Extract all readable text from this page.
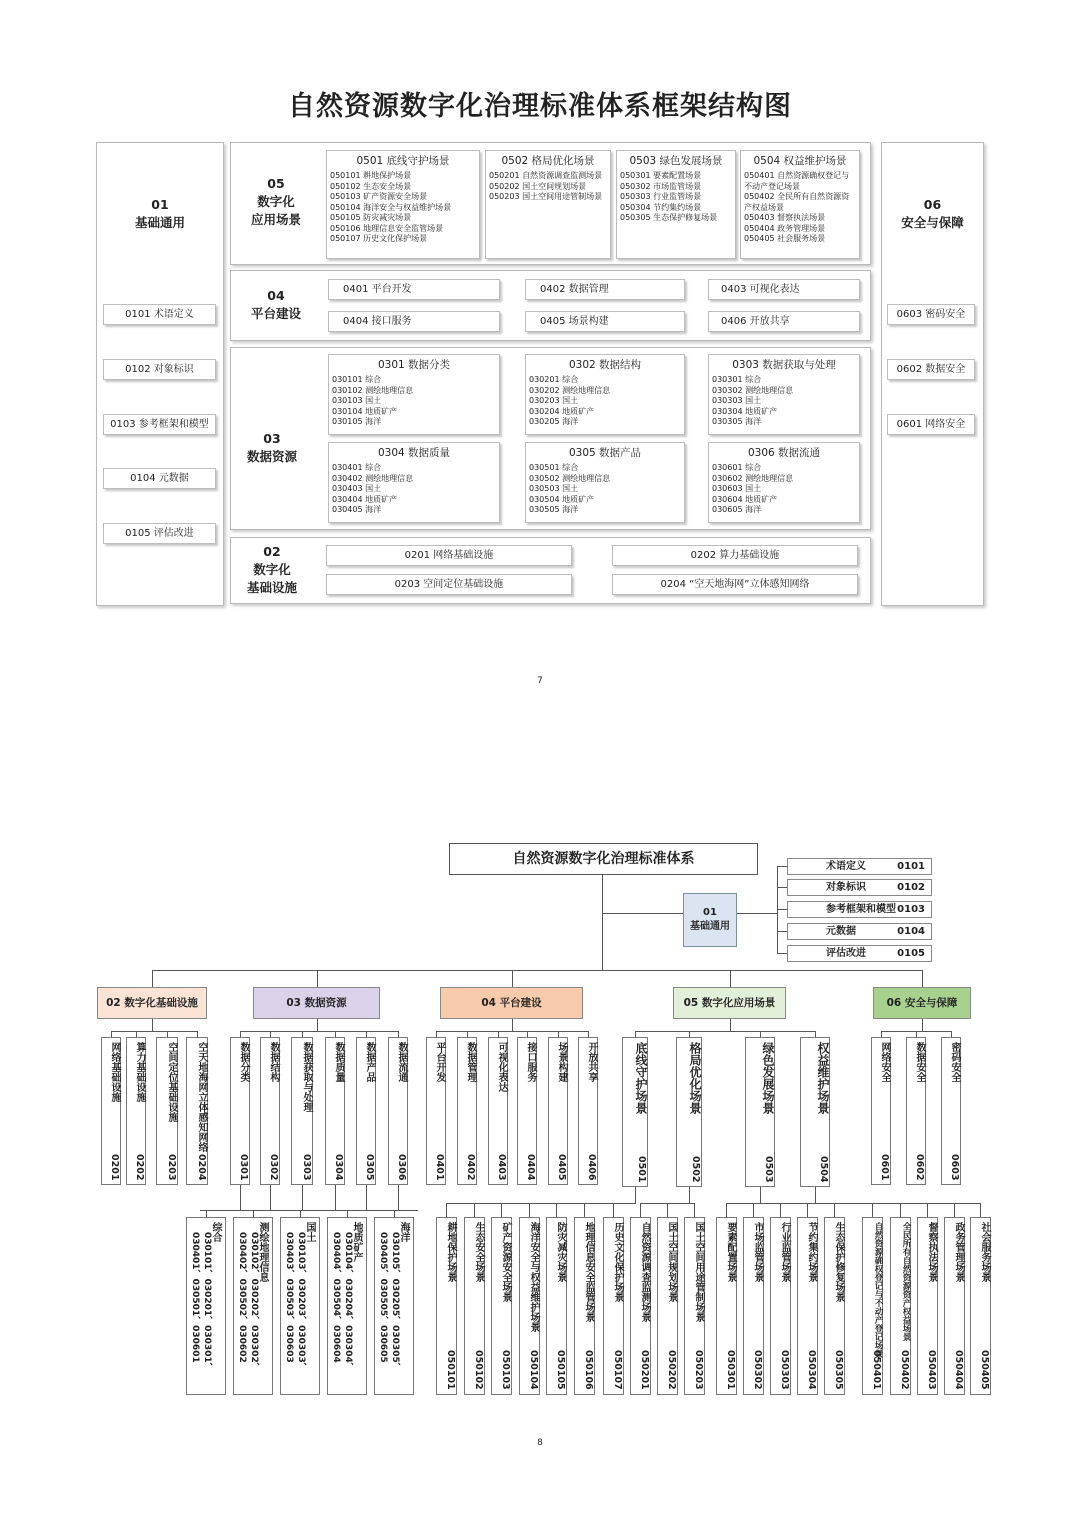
自然资源数字化治理标准体系框架结构图
01
基础通用
0101 术语定义
0102 对象标识
0103 参考框架和模型
0104 元数据
0105 评估改进
06
安全与保障
0603 密码安全
0602 数据安全
0601 网络安全
05
数字化
应用场景
0501 底线守护场景
050101 耕地保护场景
050102 生态安全场景
050103 矿产资源安全场景
050104 海洋安全与权益维护场景
050105 防灾减灾场景
050106 地理信息安全监管场景
050107 历史文化保护场景
0502 格局优化场景
050201 自然资源调查监测场景
050202 国土空间规划场景
050203 国土空间用途管制场景
0503 绿色发展场景
050301 要素配置场景
050302 市场监管场景
050303 行业监管场景
050304 节约集约场景
050305 生态保护修复场景
0504 权益维护场景
050401 自然资源确权登记与
不动产登记场景
050402 全民所有自然资源资
产权益场景
050403 督察执法场景
050404 政务管理场景
050405 社会服务场景
04
平台建设
0401 平台开发	0402 数据管理	0403 可视化表达
0404 接口服务	0405 场景构建	0406 开放共享
03
数据资源
0301 数据分类
030101 综合
030102 测绘地理信息
030103 国土
030104 地质矿产
030105 海洋
0302 数据结构
030201 综合
030202 测绘地理信息
030203 国土
030204 地质矿产
030205 海洋
0303 数据获取与处理
030301 综合
030302 测绘地理信息
030303 国土
030304 地质矿产
030305 海洋
0304 数据质量
030401 综合
030402 测绘地理信息
030403 国土
030404 地质矿产
030405 海洋
0305 数据产品
030501 综合
030502 测绘地理信息
030503 国土
030504 地质矿产
030505 海洋
0306 数据流通
030601 综合
030602 测绘地理信息
030603 国土
030604 地质矿产
030605 海洋
02
数字化
基础设施
0201 网络基础设施	0202 算力基础设施
0203 空间定位基础设施	0204 “空天地海网”立体感知网络
7
自然资源数字化治理标准体系
01
基础通用
术语定义	0101
对象标识	0102
参考框架和模型 0103
元数据	0104
评估改进	0105
02 数字化基础设施	03 数据资源	04 平台建设	05 数字化应用场景	06 安全与保障
网络基础设施
0201
算力基础设施
0202
空间定位基础设施
0203
空天地海网立体感知网络
0204
数据分类
0301
数据结构
0302
数据获取与处理
0303
数据质量
0304
数据产品
0305
数据流通
0306
平台开发
0401
数据管理
0402
可视化表达
0403
接口服务
0404
场景构建
0405
开放共享
0406
底线守护场景
0501
格局优化场景
0502
绿色发展场景
0503
权益维护场景
0504
网络安全
0601
数据安全
0602
密码安全
0603
综合
030101、030201、030301、030401、030501、030601	测绘地理信息
030102、030202、030302、030402、030502、030602	国土
030103、030203、030303、030403、030503、030603	地质矿产
030104、030204、030304、030404、030504、030604	海洋
030105、030205、030305、030405、030505、030605	耕地保护场景
050101
生态安全场景
050102
矿产资源安全场景
050103
海洋安全与权益维护场景
050104
防灾减灾场景
050105
地理信息安全监管场景
050106
历史文化保护场景
050107
自然资源调查监测场景
050201
国土空间规划场景
050202
国土空间用途管制场景
050203
要素配置场景
050301
市场监管场景
050302
行业监管场景
050303
节约集约场景
050304
生态保护修复场景
050305
自然资源确权登记与不动产登记场景
050401
全民所有自然资源资产权益场景
050402
督察执法场景
050403
政务管理场景
050404
社会服务场景
050405
8
